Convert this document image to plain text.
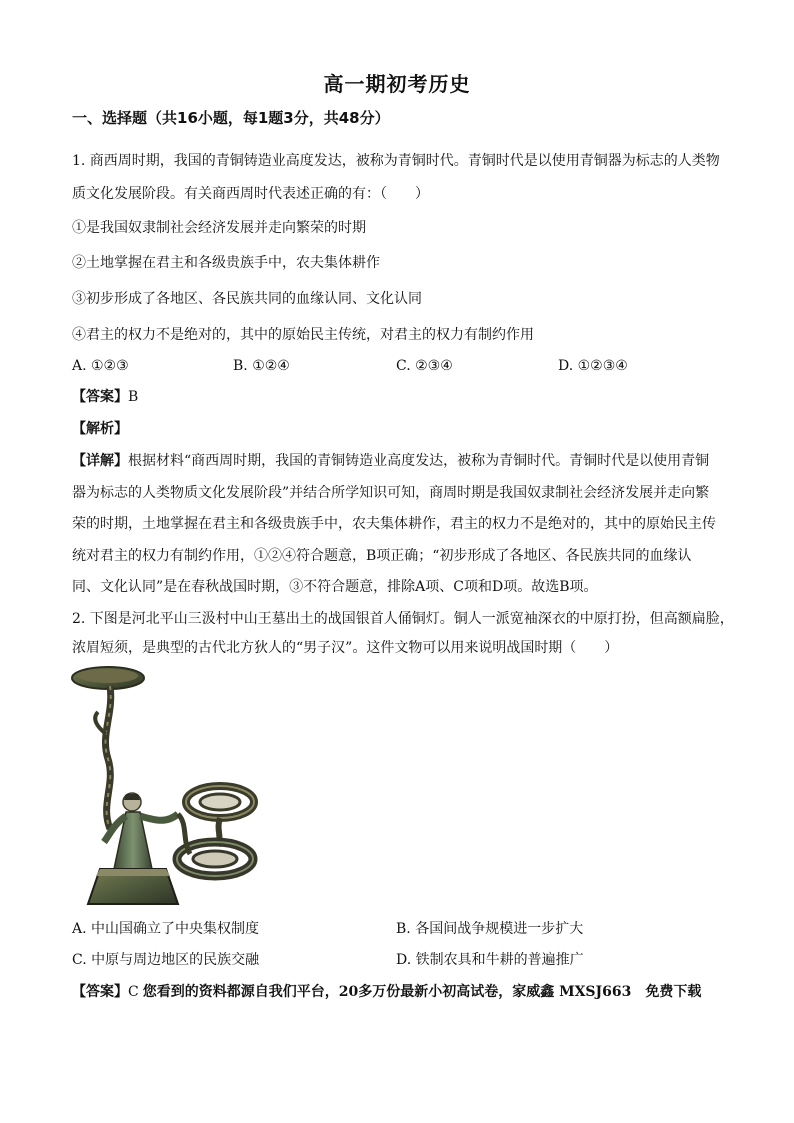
高一期初考历史
一、选择题（共16小题，每1题3分，共48分）
1. 商西周时期，我国的青铜铸造业高度发达，被称为青铜时代。青铜时代是以使用青铜器为标志的人类物
质文化发展阶段。有关商西周时代表述正确的有：（　　）
①是我国奴隶制社会经济发展并走向繁荣的时期
②土地掌握在君主和各级贵族手中，农夫集体耕作
③初步形成了各地区、各民族共同的血缘认同、文化认同
④君主的权力不是绝对的，其中的原始民主传统，对君主的权力有制约作用
A. ①②③	B. ①②④	C. ②③④	D. ①②③④
【答案】B
【解析】
【详解】根据材料“商西周时期，我国的青铜铸造业高度发达，被称为青铜时代。青铜时代是以使用青铜
器为标志的人类物质文化发展阶段”并结合所学知识可知，商周时期是我国奴隶制社会经济发展并走向繁
荣的时期，土地掌握在君主和各级贵族手中，农夫集体耕作，君主的权力不是绝对的，其中的原始民主传
统对君主的权力有制约作用，①②④符合题意，B项正确；“初步形成了各地区、各民族共同的血缘认
同、文化认同”是在春秋战国时期，③不符合题意，排除A项、C项和D项。故选B项。
2. 下图是河北平山三汲村中山王墓出土的战国银首人俑铜灯。铜人一派宽袖深衣的中原打扮，但高额扁脸，
浓眉短须，是典型的古代北方狄人的“男子汉”。这件文物可以用来说明战国时期（　　）
A. 中山国确立了中央集权制度	B. 各国间战争规模进一步扩大
C. 中原与周边地区的民族交融	D. 铁制农具和牛耕的普遍推广
【答案】C 您看到的资料都源自我们平台，20多万份最新小初高试卷，家威鑫 MXSJ663　免费下载
